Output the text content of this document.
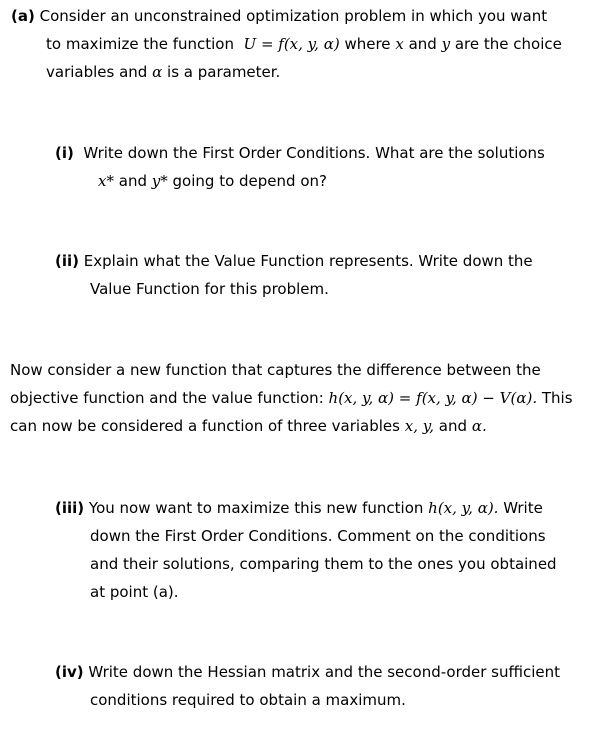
(a) Consider an unconstrained optimization problem in which you want
to maximize the function U = f(x, y, α) where x and y are the choice
variables and α is a parameter.
(i) Write down the First Order Conditions. What are the solutions
x* and y* going to depend on?
(ii) Explain what the Value Function represents. Write down the
Value Function for this problem.
Now consider a new function that captures the difference between the
objective function and the value function: h(x, y, α) = f(x, y, α) − V(α). This
can now be considered a function of three variables x, y, and α.
(iii) You now want to maximize this new function h(x, y, α). Write
down the First Order Conditions. Comment on the conditions
and their solutions, comparing them to the ones you obtained
at point (a).
(iv) Write down the Hessian matrix and the second-order sufficient
conditions required to obtain a maximum.
